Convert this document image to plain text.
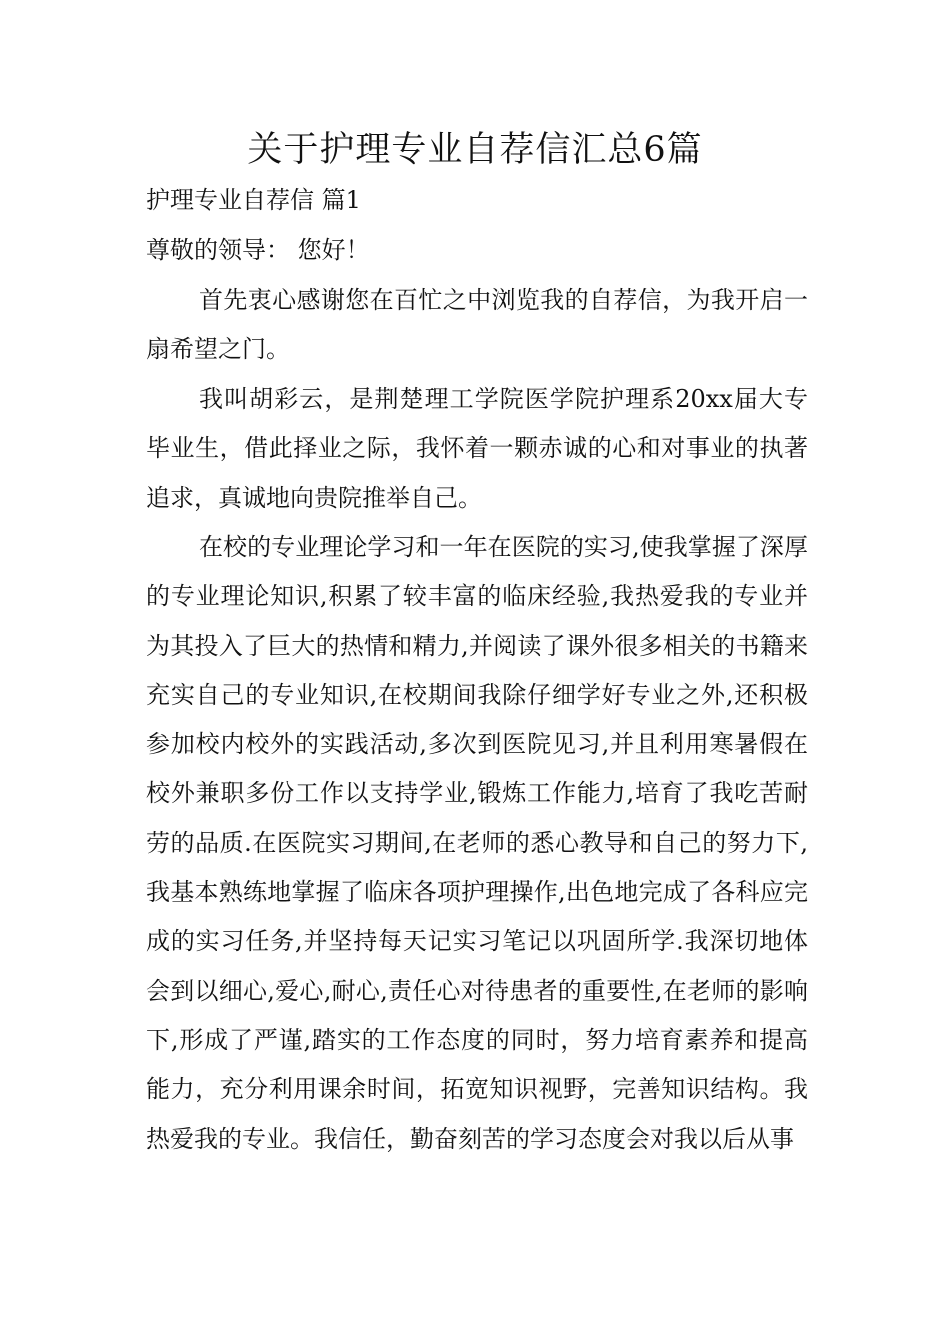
关于护理专业自荐信汇总6篇

护理专业自荐信 篇1

尊敬的领导： 您好！

首先衷心感谢您在百忙之中浏览我的自荐信，为我开启一扇希望之门。

我叫胡彩云，是荆楚理工学院医学院护理系20xx届大专毕业生，借此择业之际，我怀着一颗赤诚的心和对事业的执著追求，真诚地向贵院推举自己。

在校的专业理论学习和一年在医院的实习,使我掌握了深厚的专业理论知识,积累了较丰富的临床经验,我热爱我的专业并为其投入了巨大的热情和精力,并阅读了课外很多相关的书籍来充实自己的专业知识,在校期间我除仔细学好专业之外,还积极参加校内校外的实践活动,多次到医院见习,并且利用寒暑假在校外兼职多份工作以支持学业,锻炼工作能力,培育了我吃苦耐劳的品质.在医院实习期间,在老师的悉心教导和自己的努力下,我基本熟练地掌握了临床各项护理操作,出色地完成了各科应完成的实习任务,并坚持每天记实习笔记以巩固所学.我深切地体会到以细心,爱心,耐心,责任心对待患者的重要性,在老师的影响下,形成了严谨,踏实的工作态度的同时，努力培育素养和提高能力，充分利用课余时间，拓宽知识视野，完善知识结构。我热爱我的专业。我信任，勤奋刻苦的学习态度会对我以后从事
